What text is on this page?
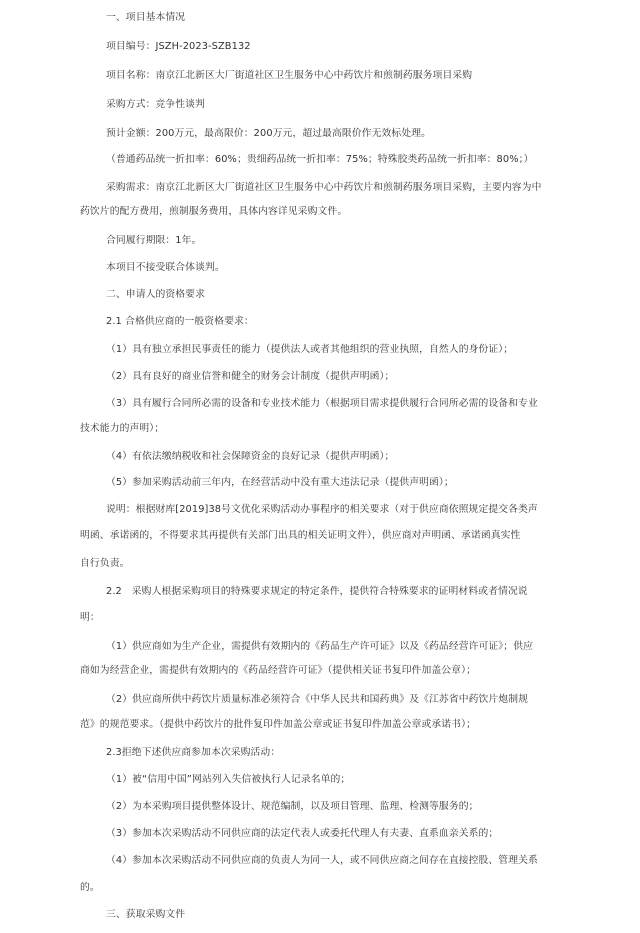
一、项目基本情况

项目编号：JSZH-2023-SZB132

项目名称：南京江北新区大厂街道社区卫生服务中心中药饮片和煎制药服务项目采购

采购方式：竞争性谈判

预计金额：200万元，最高限价：200万元，超过最高限价作无效标处理。

（普通药品统一折扣率：60%；贵细药品统一折扣率：75%；特殊胶类药品统一折扣率：80%；）

采购需求：南京江北新区大厂街道社区卫生服务中心中药饮片和煎制药服务项目采购，主要内容为中

药饮片的配方费用，煎制服务费用，具体内容详见采购文件。

合同履行期限：1年。

本项目不接受联合体谈判。

二、申请人的资格要求

2.1 合格供应商的一般资格要求：

（1）具有独立承担民事责任的能力（提供法人或者其他组织的营业执照，自然人的身份证）；

（2）具有良好的商业信誉和健全的财务会计制度（提供声明函）；

（3）具有履行合同所必需的设备和专业技术能力（根据项目需求提供履行合同所必需的设备和专业

技术能力的声明）；

（4）有依法缴纳税收和社会保障资金的良好记录（提供声明函）；

（5）参加采购活动前三年内，在经营活动中没有重大违法记录（提供声明函）；

说明：根据财库[2019]38号文优化采购活动办事程序的相关要求（对于供应商依照规定提交各类声

明函、承诺函的，不得要求其再提供有关部门出具的相关证明文件），供应商对声明函、承诺函真实性

自行负责。

2.2　采购人根据采购项目的特殊要求规定的特定条件，提供符合特殊要求的证明材料或者情况说

明：

（1）供应商如为生产企业，需提供有效期内的《药品生产许可证》以及《药品经营许可证》；供应

商如为经营企业，需提供有效期内的《药品经营许可证》（提供相关证书复印件加盖公章）；

（2）供应商所供中药饮片质量标准必须符合《中华人民共和国药典》及《江苏省中药饮片炮制规

范》的规范要求。（提供中药饮片的批件复印件加盖公章或证书复印件加盖公章或承诺书）；

2.3拒绝下述供应商参加本次采购活动：

（1）被“信用中国”网站列入失信被执行人记录名单的；

（2）为本采购项目提供整体设计、规范编制，以及项目管理、监理、检测等服务的；

（3）参加本次采购活动不同供应商的法定代表人或委托代理人有夫妻、直系血亲关系的；

（4）参加本次采购活动不同供应商的负责人为同一人，或不同供应商之间存在直接控股、管理关系

的。

三、获取采购文件
